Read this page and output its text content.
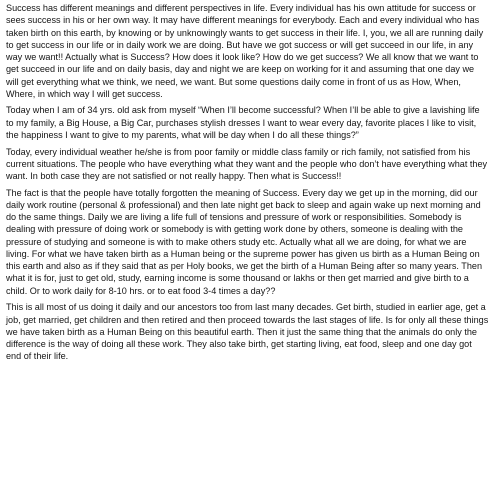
Success has different meanings and different perspectives in life. Every individual has his own attitude for success or sees success in his or her own way. It may have different meanings for everybody. Each and every individual who has taken birth on this earth, by knowing or by unknowingly wants to get success in their life. I, you, we all are running daily to get success in our life or in daily work we are doing. But have we got success or will get succeed in our life, in any way we want!! Actually what is Success? How does it look like? How do we get success? We all know that we want to get succeed in our life and on daily basis, day and night we are keep on working for it and assuming that one day we will get everything what we think, we need, we want. But some questions daily come in front of us as How, When, Where, in which way I will get success.

Today when I am of 34 yrs. old ask from myself “When I’ll become successful? When I’ll be able to give a lavishing life to my family, a Big House, a Big Car, purchases stylish dresses I want to wear every day, favorite places I like to visit, the happiness I want to give to my parents, what will be day when I do all these things?”

Today, every individual weather he/she is from poor family or middle class family or rich family, not satisfied from his current situations. The people who have everything what they want and the people who don’t have everything what they want. In both case they are not satisfied or not really happy. Then what is Success!!

The fact is that the people have totally forgotten the meaning of Success. Every day we get up in the morning, did our daily work routine (personal & professional) and then late night get back to sleep and again wake up next morning and do the same things. Daily we are living a life full of tensions and pressure of work or responsibilities. Somebody is dealing with pressure of doing work or somebody is with getting work done by others, someone is dealing with the pressure of studying and someone is with to make others study etc. Actually what all we are doing, for what we are living. For what we have taken birth as a Human being or the supreme power has given us birth as a Human Being on this earth and also as if they said that as per Holy books, we get the birth of a Human Being after so many years. Then what it is for, just to get old, study, earning income is some thousand or lakhs or then get married and give birth to a child. Or to work daily for 8-10 hrs. or to eat food 3-4 times a day??

This is all most of us doing it daily and our ancestors too from last many decades. Get birth, studied in earlier age, get a job, get married, get children and then retired and then proceed towards the last stages of life. Is for only all these things we have taken birth as a Human Being on this beautiful earth. Then it just the same thing that the animals do only the difference is the way of doing all these work. They also take birth, get starting living, eat food, sleep and one day got end of their life.
